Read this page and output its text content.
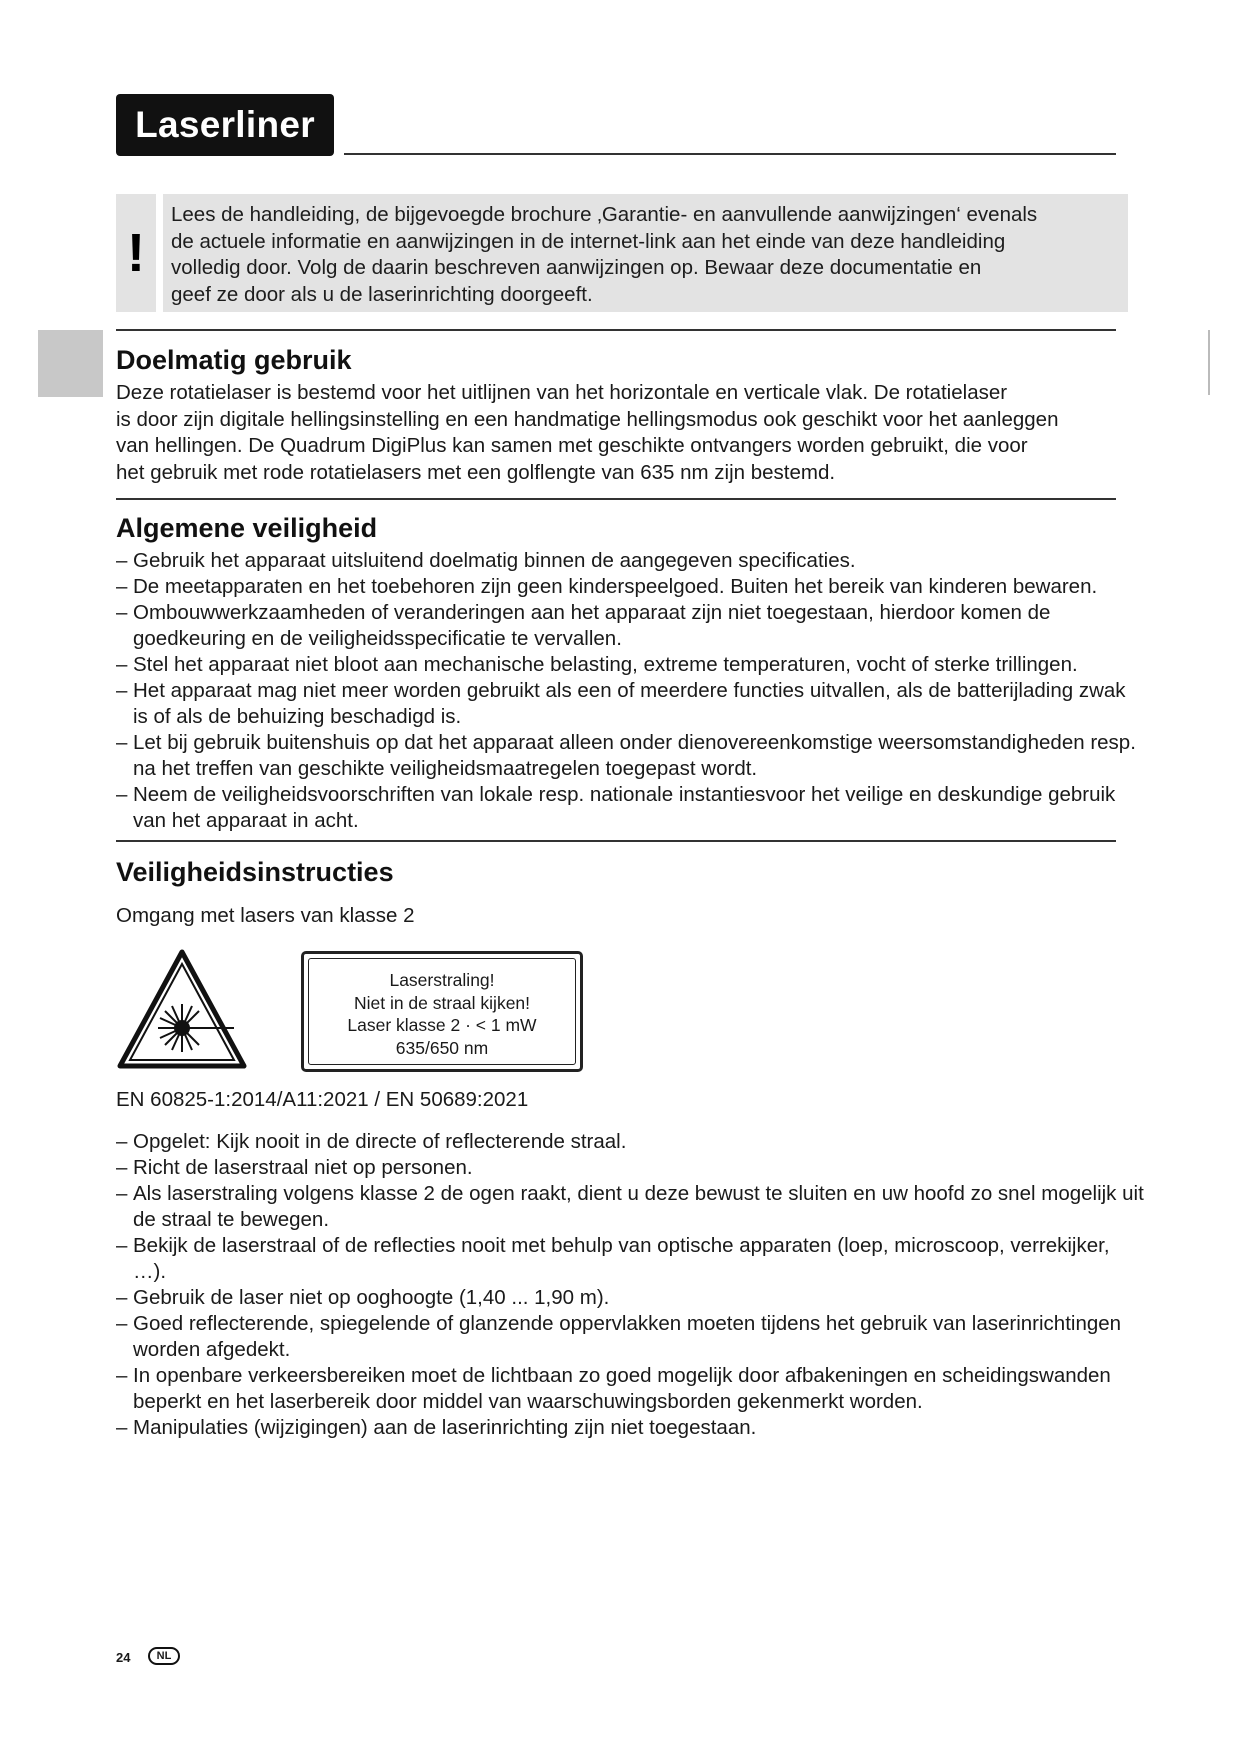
Laserliner
!
Lees de handleiding, de bijgevoegde brochure ‚Garantie- en aanvullende aanwijzingen‘ evenals
de actuele informatie en aanwijzingen in de internet-link aan het einde van deze handleiding
volledig door. Volg de daarin beschreven aanwijzingen op. Bewaar deze documentatie en
geef ze door als u de laserinrichting doorgeeft.
Doelmatig gebruik
Deze rotatielaser is bestemd voor het uitlijnen van het horizontale en verticale vlak. De rotatielaser
is door zijn digitale hellingsinstelling en een handmatige hellingsmodus ook geschikt voor het aanleggen
van hellingen. De Quadrum DigiPlus kan samen met geschikte ontvangers worden gebruikt, die voor
het gebruik met rode rotatielasers met een golflengte van 635 nm zijn bestemd.
Algemene veiligheid
– Gebruik het apparaat uitsluitend doelmatig binnen de aangegeven specificaties.
– De meetapparaten en het toebehoren zijn geen kinderspeelgoed. Buiten het bereik van kinderen bewaren.
– Ombouwwerkzaamheden of veranderingen aan het apparaat zijn niet toegestaan, hierdoor komen de goedkeuring en de veiligheidsspecificatie te vervallen.
– Stel het apparaat niet bloot aan mechanische belasting, extreme temperaturen, vocht of sterke trillingen.
– Het apparaat mag niet meer worden gebruikt als een of meerdere functies uitvallen, als de batterijlading zwak is of als de behuizing beschadigd is.
– Let bij gebruik buitenshuis op dat het apparaat alleen onder dienovereenkomstige weersomstandigheden resp. na het treffen van geschikte veiligheidsmaatregelen toegepast wordt.
– Neem de veiligheidsvoorschriften van lokale resp. nationale instantiesvoor het veilige en deskundige gebruik van het apparaat in acht.
Veiligheidsinstructies
Omgang met lasers van klasse 2
Laserstraling!
Niet in de straal kijken!
Laser klasse 2 · < 1 mW
635/650 nm
EN 60825-1:2014/A11:2021 / EN 50689:2021
– Opgelet: Kijk nooit in de directe of reflecterende straal.
– Richt de laserstraal niet op personen.
– Als laserstraling volgens klasse 2 de ogen raakt, dient u deze bewust te sluiten en uw hoofd zo snel mogelijk uit de straal te bewegen.
– Bekijk de laserstraal of de reflecties nooit met behulp van optische apparaten (loep, microscoop, verrekijker, …).
– Gebruik de laser niet op ooghoogte (1,40 ... 1,90 m).
– Goed reflecterende, spiegelende of glanzende oppervlakken moeten tijdens het gebruik van laserinrichtingen worden afgedekt.
– In openbare verkeersbereiken moet de lichtbaan zo goed mogelijk door afbakeningen en scheidingswanden beperkt en het laserbereik door middel van waarschuwingsborden gekenmerkt worden.
– Manipulaties (wijzigingen) aan de laserinrichting zijn niet toegestaan.
24	NL
